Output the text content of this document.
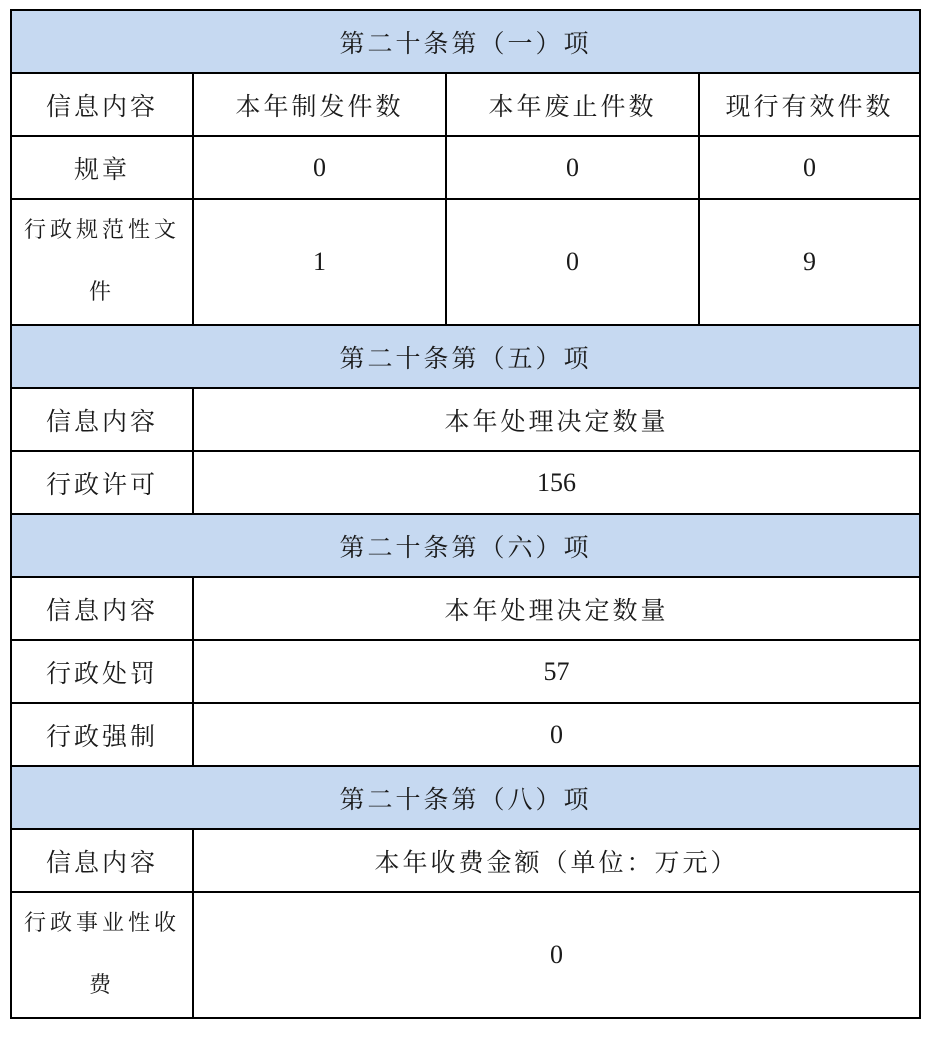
第二十条第（一）项			
信息内容	本年制发件数	本年废止件数	现行有效件数
规章	0	0	0
行政规范性文件	1	0	9
第二十条第（五）项			
信息内容	本年处理决定数量		
行政许可	156		
第二十条第（六）项			
信息内容	本年处理决定数量		
行政处罚	57		
行政强制	0		
第二十条第（八）项			
信息内容	本年收费金额（单位：万元）		
行政事业性收费	0		
